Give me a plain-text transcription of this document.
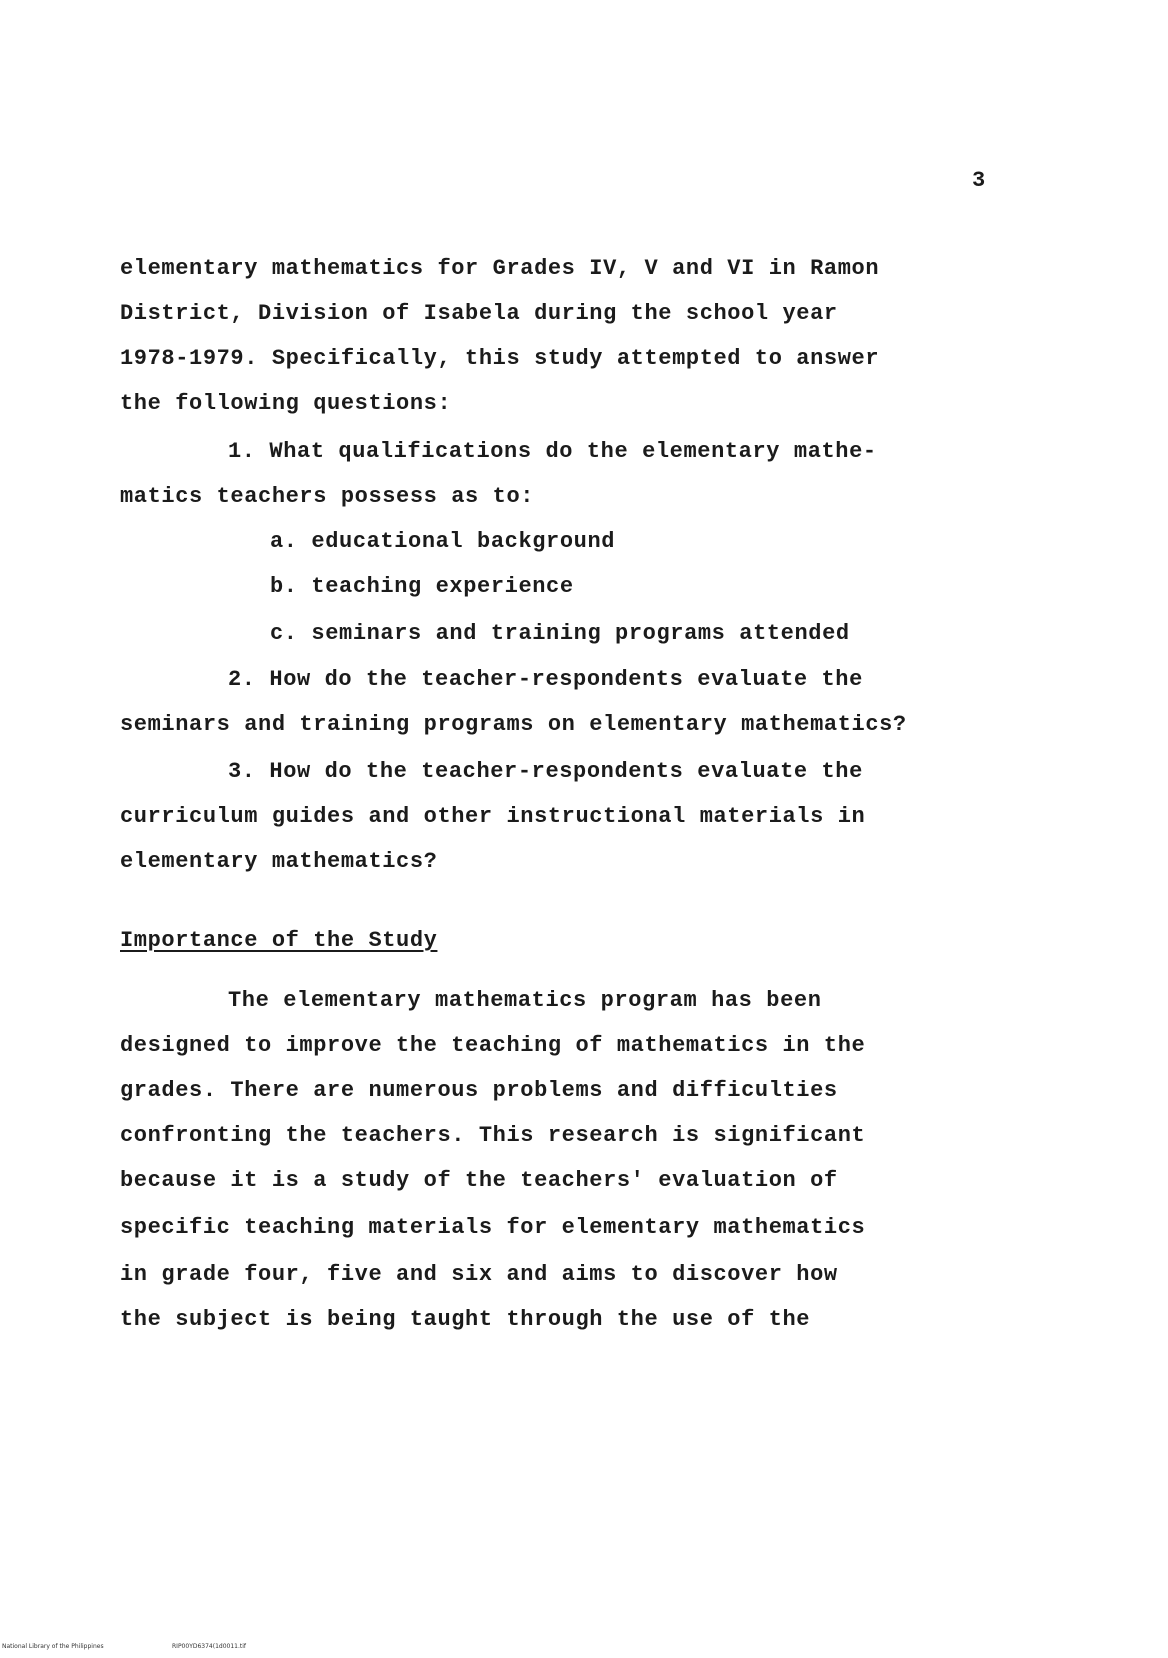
3
elementary mathematics for Grades IV, V and VI in Ramon
District, Division of Isabela during the school year
1978-1979. Specifically, this study attempted to answer
the following questions:
1. What qualifications do the elementary mathe-
matics teachers possess as to:
a. educational background
b. teaching experience
c. seminars and training programs attended
2. How do the teacher-respondents evaluate the
seminars and training programs on elementary mathematics?
3. How do the teacher-respondents evaluate the
curriculum guides and other instructional materials in
elementary mathematics?
Importance of the Study
The elementary mathematics program has been
designed to improve the teaching of mathematics in the
grades. There are numerous problems and difficulties
confronting the teachers. This research is significant
because it is a study of the teachers' evaluation of
specific teaching materials for elementary mathematics
in grade four, five and six and aims to discover how
the subject is being taught through the use of the
National Library of the Philippines	RIP00YD6374(1d0011.tif
